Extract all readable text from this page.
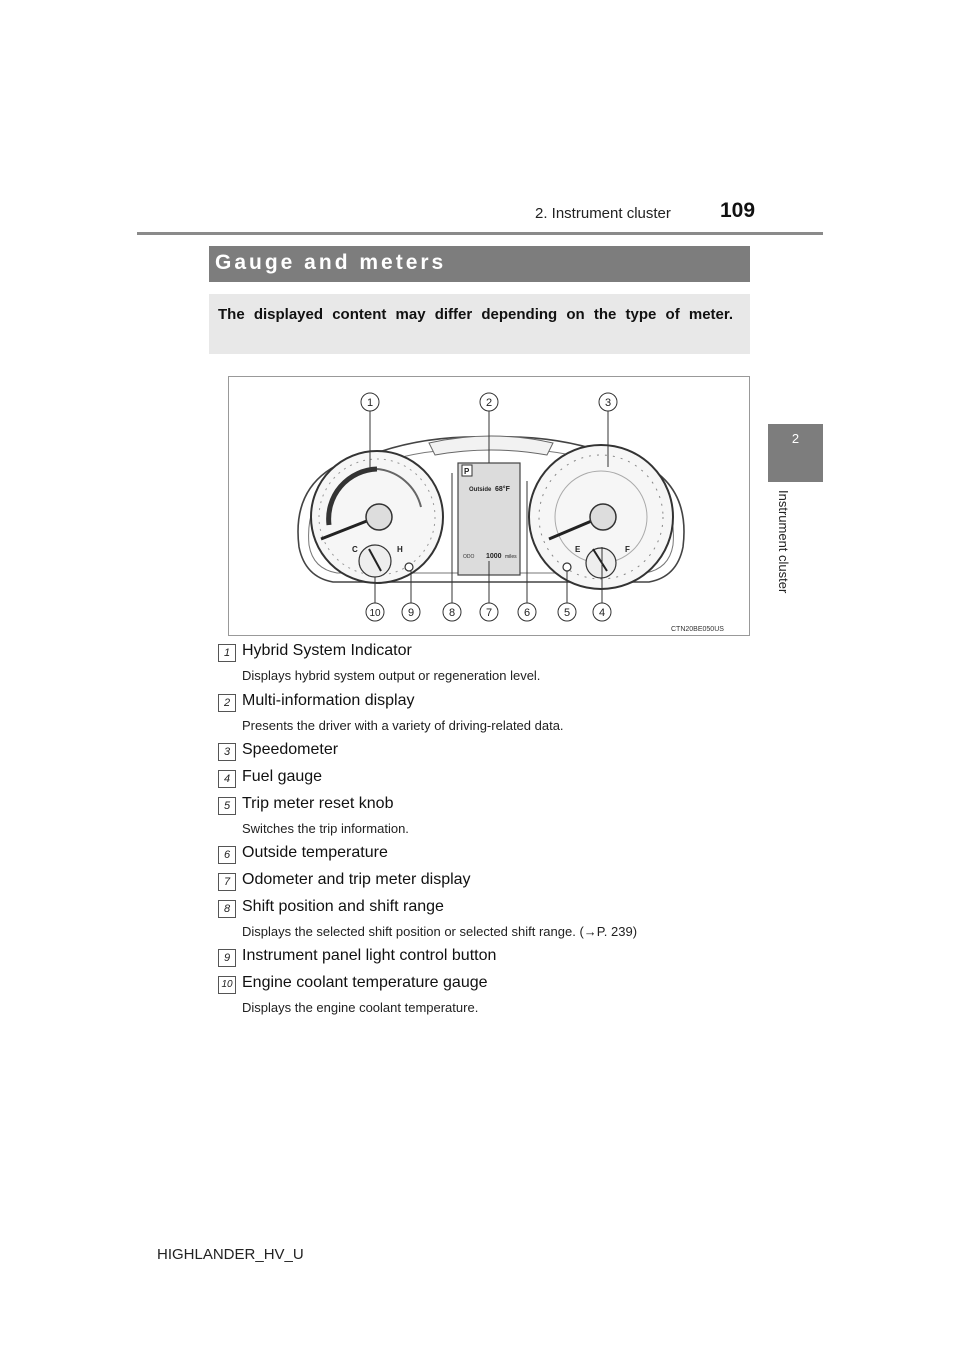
2. Instrument cluster 109
2
Instrument cluster
Gauge and meters
The displayed content may differ depending on the type of meter.
C	H
P
Outside 68°F
ODO 1000 miles
E	F
1	2	3
4
5
6
7
8
9
10
CTN20BE050US
1 Hybrid System Indicator
Displays hybrid system output or regeneration level.
2 Multi-information display
Presents the driver with a variety of driving-related data.
3 Speedometer
4 Fuel gauge
5 Trip meter reset knob
Switches the trip information.
6 Outside temperature
7 Odometer and trip meter display
8 Shift position and shift range
Displays the selected shift position or selected shift range. (→P. 239)
9 Instrument panel light control button
10 Engine coolant temperature gauge
Displays the engine coolant temperature.
HIGHLANDER_HV_U
